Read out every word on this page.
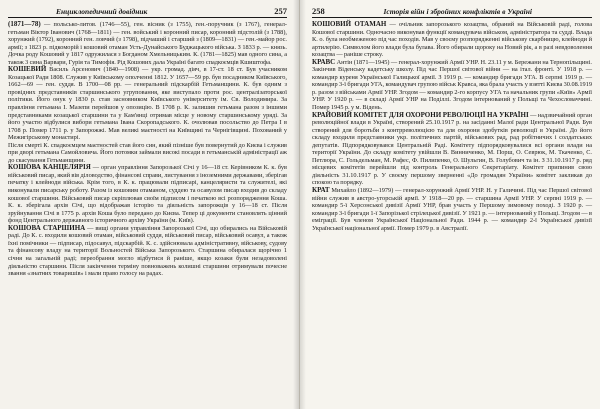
Енциклопедичний довідник	257

(1871—78) — польсько-литов. (1746—55), ген. вісник (з 1755), ген.-поручник (з 1767), генерал-гетьман Віктор Іванович (1768—1811) — ген. войський і коронний писар, коронний підстолій (з 1788), хорунжий (1792), коронний ген. ловчий (з 1798), підчаший і старший з (1809—1831) — ген.-майор рос. армії; з 1823 р. підкоморій і кошовий отаман Усть-Дунайського Буджацького війська. З 1833 р. — князь. Дочка роду Кошовий у 1817 одружилася з Богданом Хмельницьким. К. (1781—1825) мав одного сина, а також 3 сина Варвари, Гурія та Тимофія. Рід Кошових дала Україні багато спадкоємців Кшиштофа.

КОШЕВИЙ Василь Арсенович (1840—1908) — укр. громад. діяч, в 17-ст. 18 ст. Був учасником Козацької Ради 1808. Служив у Київському ополченні 1812. У 1657—59 рр. був посадником Київського, 1662—69 — ген. суддя. В 1700—08 рр. — генеральний підскарбій Гетьманщини. К. був одним з провідних представників старшинського угруповання, яке виступало проти рос. централізаторської політики. Його онук у 1830 р. став засновником Київського університету ім. Св. Володимира. За правління гетьмана І. Мазепи перейшов у опозицію. В 1708 р. К. залишив гетьмана разом з іншими представниками козацької старшини та у Кам'янці отримав місце у новому старшинському уряді. За його участю відбулися вибори гетьмана Івана Скоропадського. К. очолював посольство до Петра І в 1708 р. Помер 1711 р. у Запорожжі. Мав великі маєтності на Київщині та Чернігівщині. Похований у Межигірському монастирі.

Після смерті К. спадкоємцем маєтностей став його син, який пізніше був повернутий до Києва і служив при дворі гетьмана Самойловича. Його потомки займали високі посади в гетьманській адміністрації аж до скасування Гетьманщини.

КОШОВА КАНЦЕЛЯРІЯ — орган управління Запорозької Січі у 16—18 ст. Керівником К. к. був військовий писар, який вів діловодство, фінансові справи, листування з іноземними державами, зберігав печатку і клейноди війська. Крім того, в К. к. працювали підписарі, канцеляристи та служителі, які виконували писарську роботу. Разом із кошовим отаманом, суддею та осавулом писар входив до складу кошової старшини. Військовий писар скріплював своїм підписом і печаткою всі розпорядження Коша. К. к. зберігала архів Січі, що відображав історію та діяльність запорожців у 16—18 ст. Після зруйнування Січі в 1775 р. архів Коша було передано до Києва. Тепер ці документи становлять цінний фонд Центрального державного історичного архіву України (м. Київ).

КОШОВА СТАРШИНА — вищі органи управління Запорозької Січі, що обирались на Військовій раді. До К. с. входили кошовий отаман, військовий суддя, військовий писар, військовий осавул, а також їхні помічники — підписар, підосавул, підскарбій. К. с. здійснювала адміністративну, військову, судову та фінансову владу на території Вольностей Війська Запорозького. Старшина обиралася щорічно 1 січня на загальній раді; переобрання могло відбутися й раніше, якщо козаки були незадоволені діяльністю старшини. Після закінчення терміну повноважень колишні старшини отримували почесне звання «знатних товаришів» і мали право голосу на радах.

258	Історія війн і збройних конфліктів в Україні

КОШОВИЙ ОТАМАН — очільник запорозького козацтва, обраний на Військовій раді, голова Кошової старшини. Одночасно виконував функції командувача військом, адміністратора та судді. Влада К. о. була необмеженою під час походів. Мав у своєму розпорядженні військову скарбницю, клейноди й артилерію. Символом його влади була булава. Його обирали щороку на Новий рік, а в разі невдоволення козацтва — раніше строку.

КРАВС Антін (1871—1945) — генерал-хорунжий Армії УНР. Н. 23.11 у м. Бережани на Тернопільщині. Закінчив Віденську кадетську школу. Під час Першої світової війни — на італ. фронті. У 1918 р. — командир куреня Української Галицької армії. З 1919 р. — командир бригади УГА. В серпні 1919 р. — командир 3-ї бригади УГА, командувач групою військ Кравса, яка брала участь у взятті Києва 30.08.1919 р. разом з військами Армії УНР. Згодом — командир 2-го корпусу УГА та начальник групи «Київ» Армії УНР. У 1920 р. — в складі Армії УНР на Поділлі. Згодом інтернований у Польщі та Чехословаччині. Помер 1945 р. у м. Відень.

КРАЙОВИЙ КОМІТЕТ ДЛЯ ОХОРОНИ РЕВОЛЮЦІЇ НА УКРАЇНІ — надзвичайний орган революційної влади в Україні, створений 25.10.1917 р. на засіданні Малої ради Центральної Ради. Був створений для боротьби з контрреволюцією та для охорони здобутків революції в Україні. До його складу входили представники укр. політичних партій, військових рад, рад робітничих і солдатських депутатів. Підпорядковувався Центральній Раді. Комітету підпорядковувалися всі органи влади на території України. До складу комітету увійшли В. Винниченко, М. Порш, О. Севрюк, М. Ткаченко, С. Петлюра, С. Гольдельман, М. Рафес, Ф. Пилипенко, О. Шульгин, В. Голубович та ін. З 31.10.1917 р. ряд місцевих комітетів перейшли під контроль Генерального Секретаріату. Комітет припинив свою діяльність 31.10.1917 р. У своєму першому зверненні «До громадян України» комітет закликав до спокою та порядку.

КРАТ Михайло (1892—1979) — генерал-хорунжий Армії УНР. Н. у Галичині. Під час Першої світової війни служив в австро-угорській армії. У 1918—20 рр. — старшина Армії УНР. У серпні 1919 р. — командир 5-ї Херсонської дивізії Армії УНР, брав участь у Першому зимовому поході. З 1920 р. — командир 3-ї бригади 1-ї Запорізької стрілецької дивізії. У 1921 р. — інтернований у Польщі. Згодом — в еміграції. Був членом Української Національної Ради. 1944 р. — командир 2-ї Української дивізії Української національної армії. Помер 1979 р. в Австралії.
